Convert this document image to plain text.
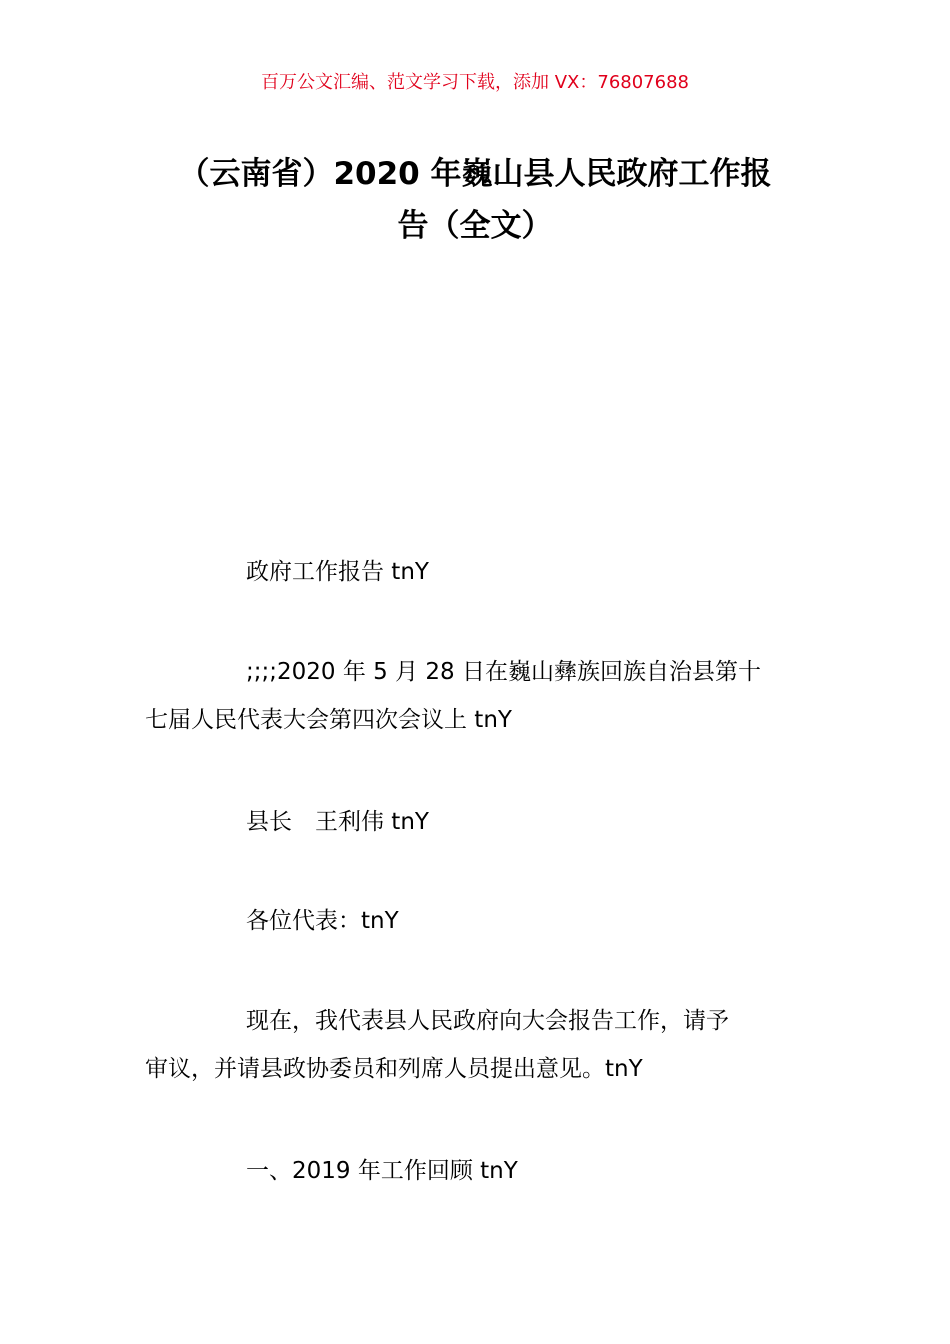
百万公文汇编、范文学习下载，添加 VX：76807688
（云南省）2020 年巍山县人民政府工作报
告（全文）

政府工作报告 tnY

;;;;2020 年 5 月 28 日在巍山彝族回族自治县第十
七届人民代表大会第四次会议上 tnY

县长　王利伟 tnY

各位代表：tnY

现在，我代表县人民政府向大会报告工作，请予
审议，并请县政协委员和列席人员提出意见。tnY

一、2019 年工作回顾 tnY
